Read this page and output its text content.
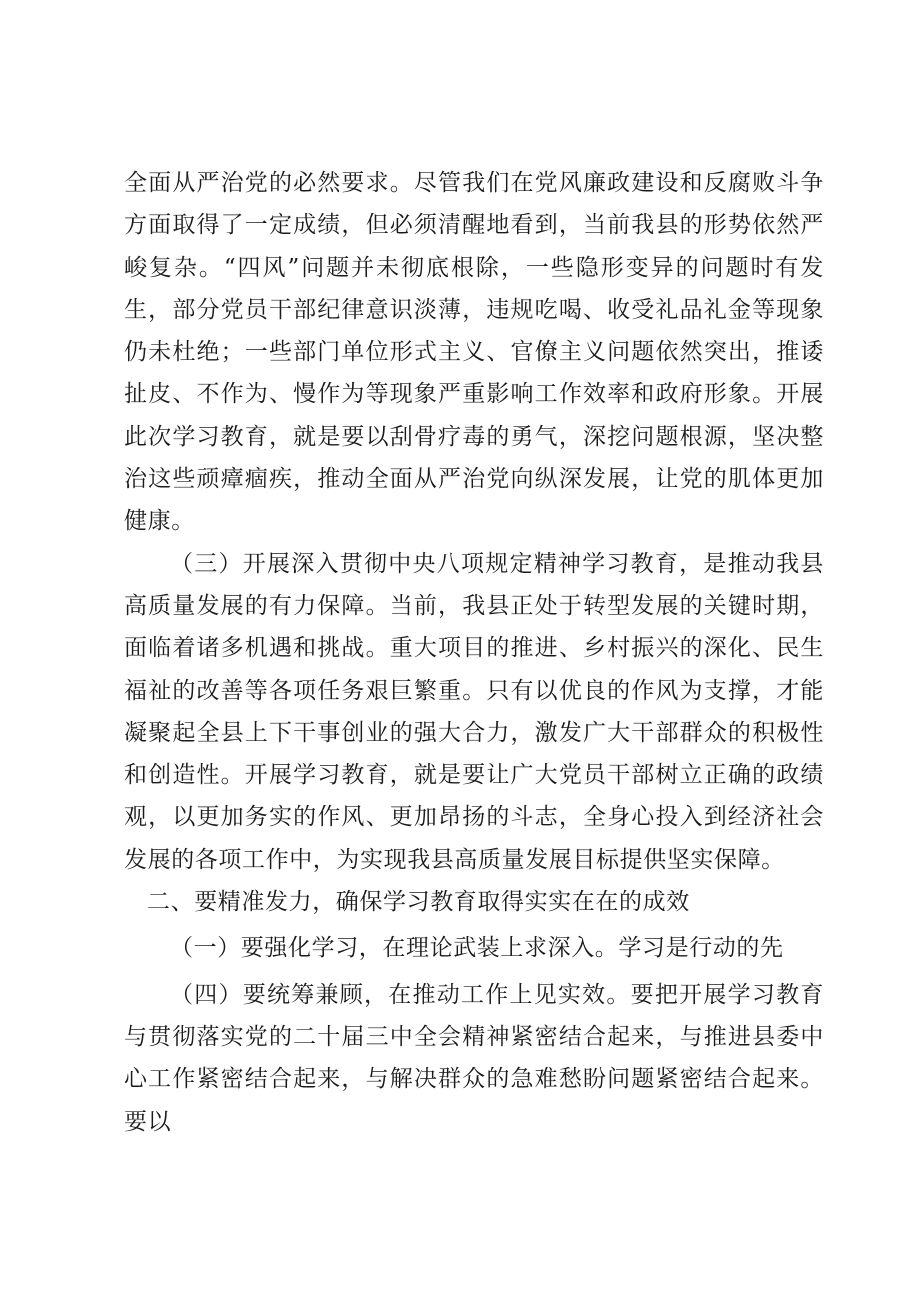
全面从严治党的必然要求。尽管我们在党风廉政建设和反腐败斗争方面取得了一定成绩，但必须清醒地看到，当前我县的形势依然严峻复杂。“四风”问题并未彻底根除，一些隐形变异的问题时有发生，部分党员干部纪律意识淡薄，违规吃喝、收受礼品礼金等现象仍未杜绝；一些部门单位形式主义、官僚主义问题依然突出，推诿扯皮、不作为、慢作为等现象严重影响工作效率和政府形象。开展此次学习教育，就是要以刮骨疗毒的勇气，深挖问题根源，坚决整治这些顽瘴痼疾，推动全面从严治党向纵深发展，让党的肌体更加健康。

（三）开展深入贯彻中央八项规定精神学习教育，是推动我县高质量发展的有力保障。当前，我县正处于转型发展的关键时期，面临着诸多机遇和挑战。重大项目的推进、乡村振兴的深化、民生福祉的改善等各项任务艰巨繁重。只有以优良的作风为支撑，才能凝聚起全县上下干事创业的强大合力，激发广大干部群众的积极性和创造性。开展学习教育，就是要让广大党员干部树立正确的政绩观，以更加务实的作风、更加昂扬的斗志，全身心投入到经济社会发展的各项工作中，为实现我县高质量发展目标提供坚实保障。

二、要精准发力，确保学习教育取得实实在在的成效

（一）要强化学习，在理论武装上求深入。学习是行动的先

（四）要统筹兼顾，在推动工作上见实效。要把开展学习教育与贯彻落实党的二十届三中全会精神紧密结合起来，与推进县委中心工作紧密结合起来，与解决群众的急难愁盼问题紧密结合起来。要以
